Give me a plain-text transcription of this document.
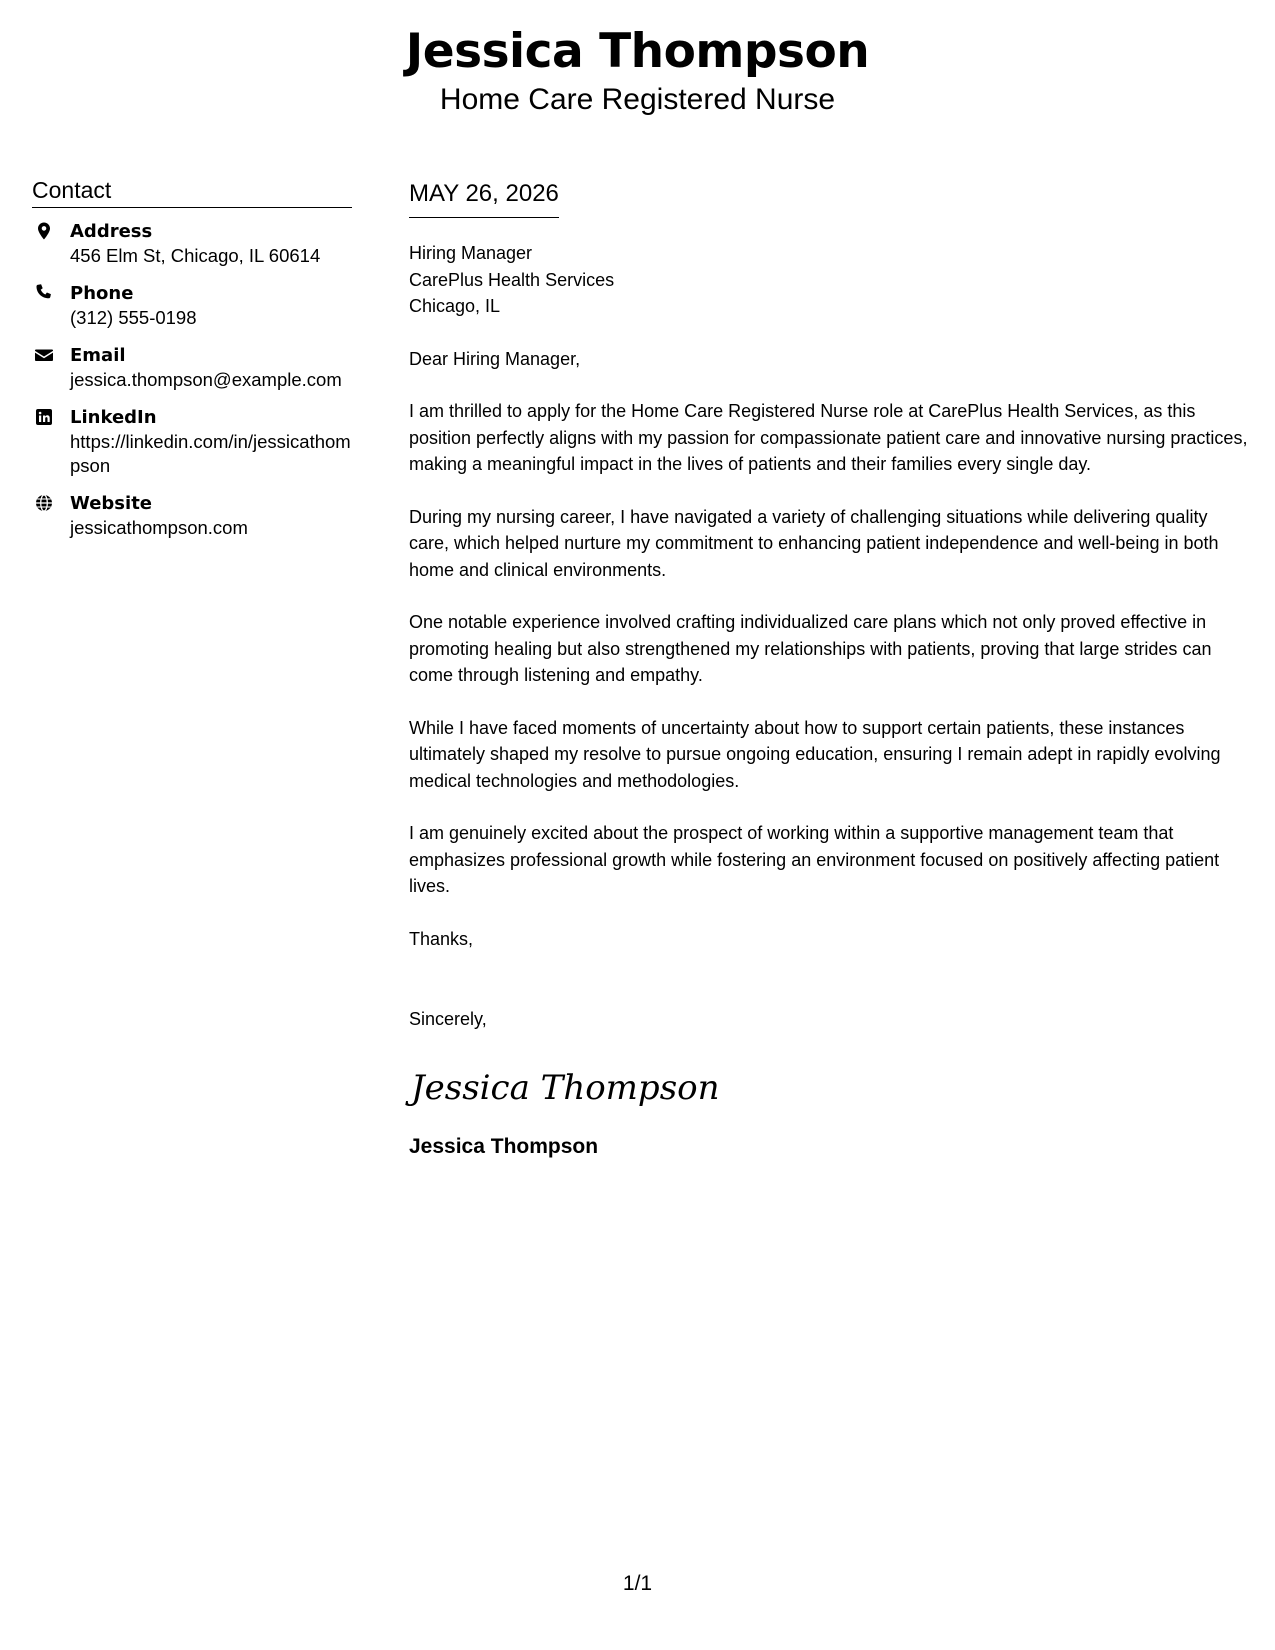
Jessica Thompson
Home Care Registered Nurse
Contact
Address
456 Elm St, Chicago, IL 60614
Phone
(312) 555-0198
Email
jessica.thompson@example.com
LinkedIn
https://linkedin.com/in/jessicathompson
Website
jessicathompson.com
MAY 26, 2026
Hiring Manager
CarePlus Health Services
Chicago, IL
Dear Hiring Manager,
I am thrilled to apply for the Home Care Registered Nurse role at CarePlus Health Services, as this position perfectly aligns with my passion for compassionate patient care and innovative nursing practices, making a meaningful impact in the lives of patients and their families every single day.
During my nursing career, I have navigated a variety of challenging situations while delivering quality care, which helped nurture my commitment to enhancing patient independence and well-being in both home and clinical environments.
One notable experience involved crafting individualized care plans which not only proved effective in promoting healing but also strengthened my relationships with patients, proving that large strides can come through listening and empathy.
While I have faced moments of uncertainty about how to support certain patients, these instances ultimately shaped my resolve to pursue ongoing education, ensuring I remain adept in rapidly evolving medical technologies and methodologies.
I am genuinely excited about the prospect of working within a supportive management team that emphasizes professional growth while fostering an environment focused on positively affecting patient lives.
Thanks,
Sincerely,
Jessica Thompson
Jessica Thompson
1/1
